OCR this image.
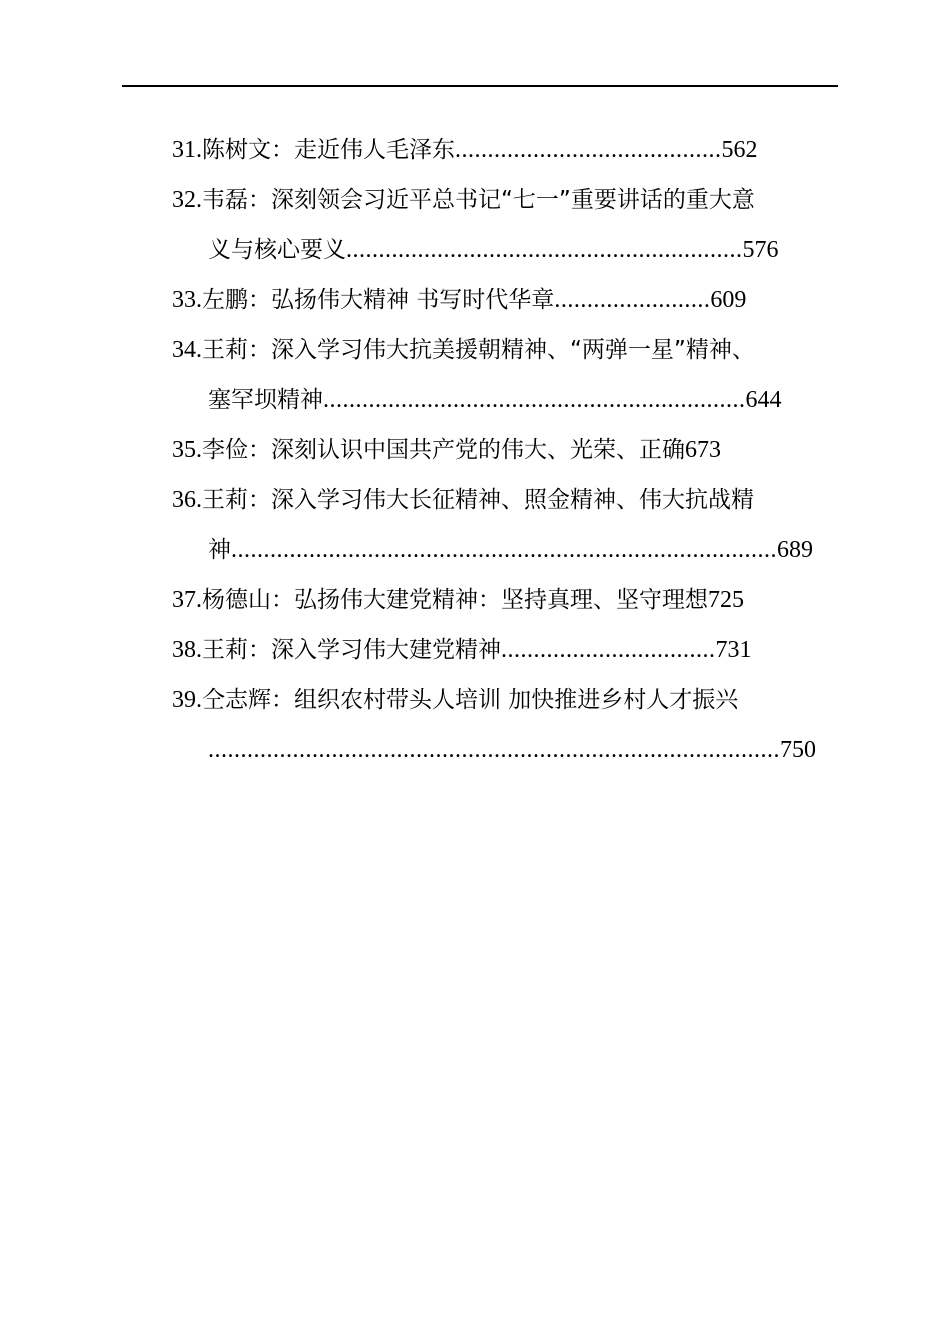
31.陈树文：走近伟人毛泽东.........................................562
32.韦磊：深刻领会习近平总书记“七一”重要讲话的重大意
义与核心要义.............................................................576
33.左鹏：弘扬伟大精神 书写时代华章........................609
34.王莉：深入学习伟大抗美援朝精神、“两弹一星”精神、
塞罕坝精神.................................................................644
35.李俭：深刻认识中国共产党的伟大、光荣、正确673
36.王莉：深入学习伟大长征精神、照金精神、伟大抗战精
神....................................................................................689
37.杨德山：弘扬伟大建党精神：坚持真理、坚守理想725
38.王莉：深入学习伟大建党精神.................................731
39.仝志辉：组织农村带头人培训 加快推进乡村人才振兴
........................................................................................750
